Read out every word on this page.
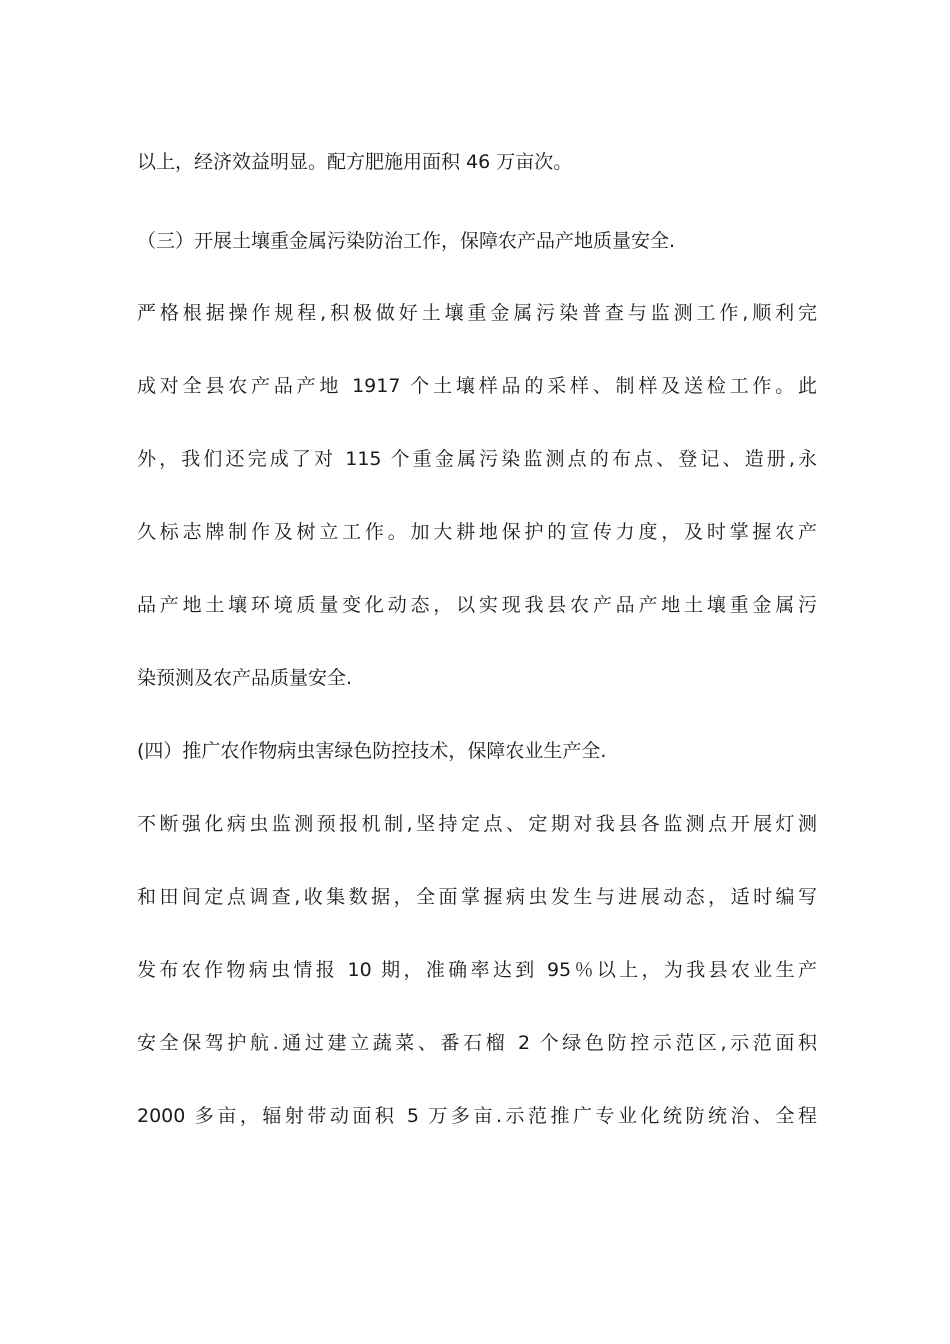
以上，经济效益明显。配方肥施用面积 46 万亩次。
（三）开展土壤重金属污染防治工作，保障农产品产地质量安全.
严格根据操作规程,积极做好土壤重金属污染普查与监测工作,顺利完
成对全县农产品产地 1917 个土壤样品的采样、制样及送检工作。此
外，我们还完成了对 115 个重金属污染监测点的布点、登记、造册,永
久标志牌制作及树立工作。加大耕地保护的宣传力度，及时掌握农产
品产地土壤环境质量变化动态，以实现我县农产品产地土壤重金属污
染预测及农产品质量安全.
(四）推广农作物病虫害绿色防控技术，保障农业生产全.
不断强化病虫监测预报机制,坚持定点、定期对我县各监测点开展灯测
和田间定点调查,收集数据，全面掌握病虫发生与进展动态，适时编写
发布农作物病虫情报 10 期，准确率达到 95％以上，为我县农业生产
安全保驾护航.通过建立蔬菜、番石榴 2 个绿色防控示范区,示范面积
2000 多亩，辐射带动面积 5 万多亩.示范推广专业化统防统治、全程
